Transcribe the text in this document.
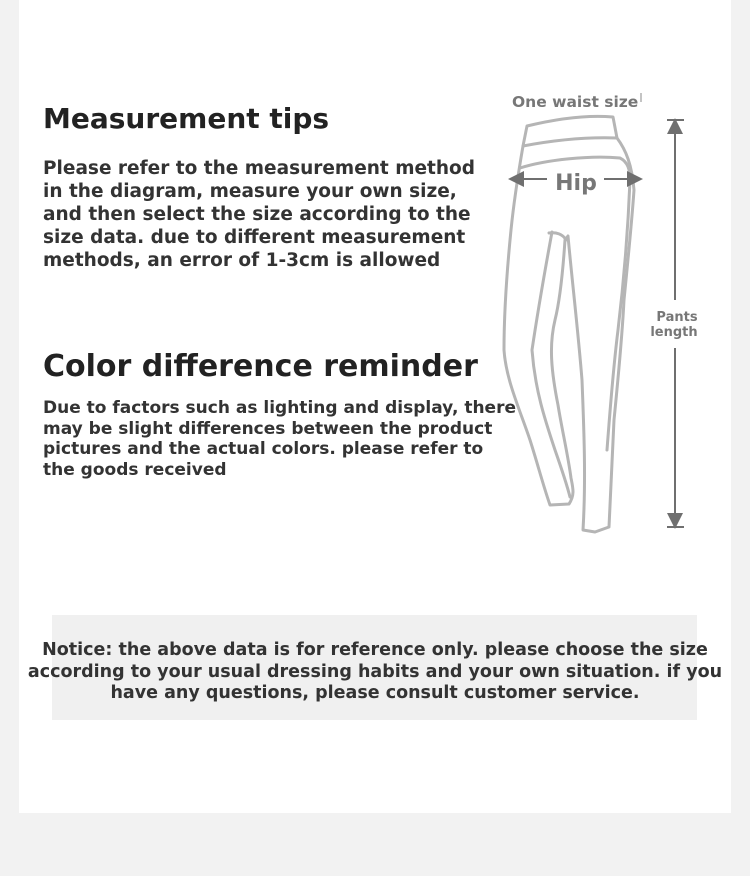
Measurement tips

Please refer to the measurement method
in the diagram, measure your own size,
and then select the size according to the
size data. due to different measurement
methods, an error of 1-3cm is allowed

Color difference reminder

Due to factors such as lighting and display, there
may be slight differences between the product
pictures and the actual colors. please refer to
the goods received

Hip
One waist size
Pants
length

Notice: the above data is for reference only. please choose the size
according to your usual dressing habits and your own situation. if you
have any questions, please consult customer service.
